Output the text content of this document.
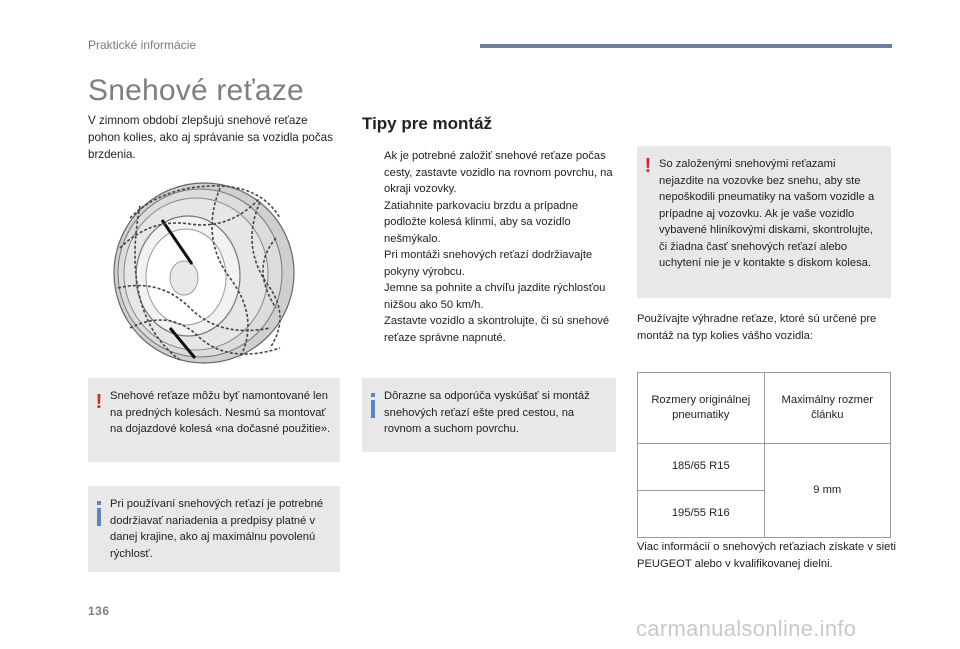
Praktické informácie
Snehové reťaze
V zimnom období zlepšujú snehové reťaze pohon kolies, ako aj správanie sa vozidla počas brzdenia.
! Snehové reťaze môžu byť namontované len na predných kolesách. Nesmú sa montovať na dojazdové kolesá «na dočasné použitie».
Pri používaní snehových reťazí je potrebné dodržiavať nariadenia a predpisy platné v danej krajine, ako aj maximálnu povolenú rýchlosť.
Tipy pre montáž
Ak je potrebné založiť snehové reťaze počas cesty, zastavte vozidlo na rovnom povrchu, na okraji vozovky.
Zatiahnite parkovaciu brzdu a prípadne podložte kolesá klinmi, aby sa vozidlo nešmýkalo.
Pri montáži snehových reťazí dodržiavajte pokyny výrobcu.
Jemne sa pohnite a chvíľu jazdite rýchlosťou nižšou ako 50 km/h.
Zastavte vozidlo a skontrolujte, či sú snehové reťaze správne napnuté.
Dôrazne sa odporúča vyskúšať si montáž snehových reťazí ešte pred cestou, na rovnom a suchom povrchu.
! So založenými snehovými reťazami nejazdite na vozovke bez snehu, aby ste nepoškodili pneumatiky na vašom vozidle a prípadne aj vozovku. Ak je vaše vozidlo vybavené hliníkovými diskami, skontrolujte, či žiadna časť snehových reťazí alebo uchytení nie je v kontakte s diskom kolesa.
Používajte výhradne reťaze, ktoré sú určené pre montáž na typ kolies vášho vozidla:
Rozmery originálnej pneumatiky	Maximálny rozmer článku
185/65 R15	9 mm
195/55 R16	
Viac informácií o snehových reťaziach získate v sieti PEUGEOT alebo v kvalifikovanej dielni.
136
carmanualsonline.info
